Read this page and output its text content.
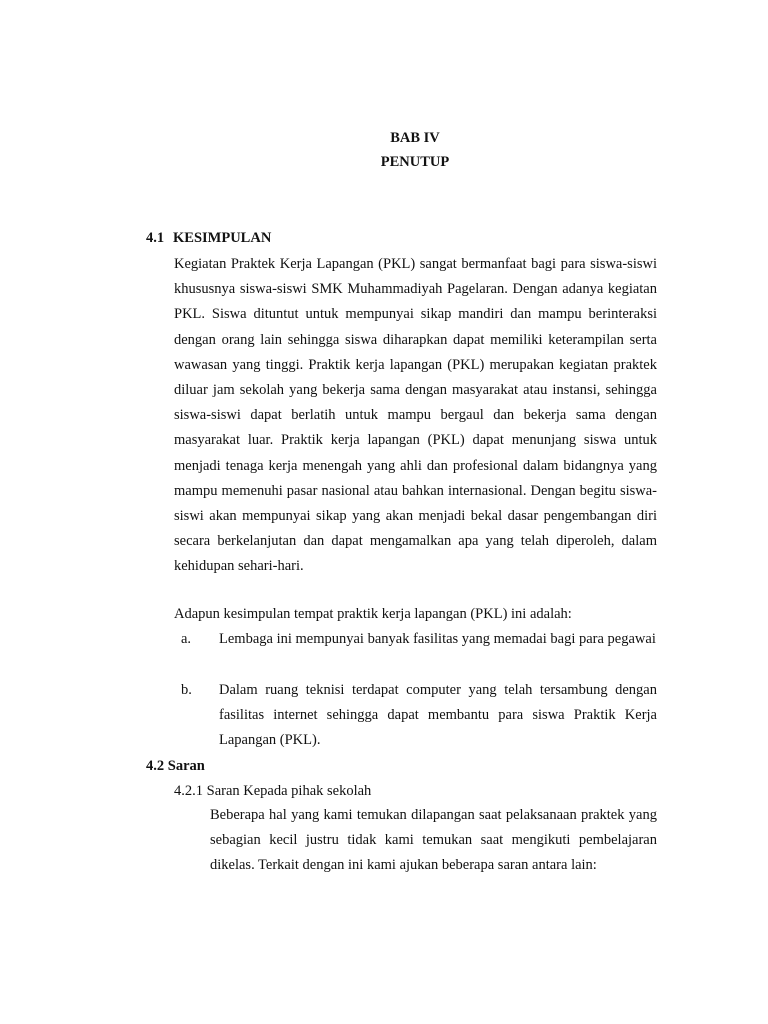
BAB IV
PENUTUP
4.1 KESIMPULAN
Kegiatan Praktek Kerja Lapangan (PKL) sangat bermanfaat bagi para siswa-siswi khususnya siswa-siswi SMK Muhammadiyah Pagelaran. Dengan adanya kegiatan PKL. Siswa dituntut untuk mempunyai sikap mandiri dan mampu berinteraksi dengan orang lain sehingga siswa diharapkan dapat memiliki keterampilan serta wawasan yang tinggi. Praktik kerja lapangan (PKL) merupakan kegiatan praktek diluar jam sekolah yang bekerja sama dengan masyarakat atau instansi, sehingga siswa-siswi dapat berlatih untuk mampu bergaul dan bekerja sama dengan masyarakat luar. Praktik kerja lapangan (PKL) dapat menunjang siswa untuk menjadi tenaga kerja menengah yang ahli dan profesional dalam bidangnya yang mampu memenuhi pasar nasional atau bahkan internasional. Dengan begitu siswa-siswi akan mempunyai sikap yang akan menjadi bekal dasar pengembangan diri secara berkelanjutan dan dapat mengamalkan apa yang telah diperoleh, dalam kehidupan sehari-hari.
Adapun kesimpulan tempat praktik kerja lapangan (PKL) ini adalah:
a. Lembaga ini mempunyai banyak fasilitas yang memadai bagi para pegawai
b. Dalam ruang teknisi terdapat computer yang telah tersambung dengan fasilitas internet sehingga dapat membantu para siswa Praktik Kerja Lapangan (PKL).
4.2 Saran
4.2.1 Saran Kepada pihak sekolah
Beberapa hal yang kami temukan dilapangan saat pelaksanaan praktek yang sebagian kecil justru tidak kami temukan saat mengikuti pembelajaran dikelas. Terkait dengan ini kami ajukan beberapa saran antara lain:
